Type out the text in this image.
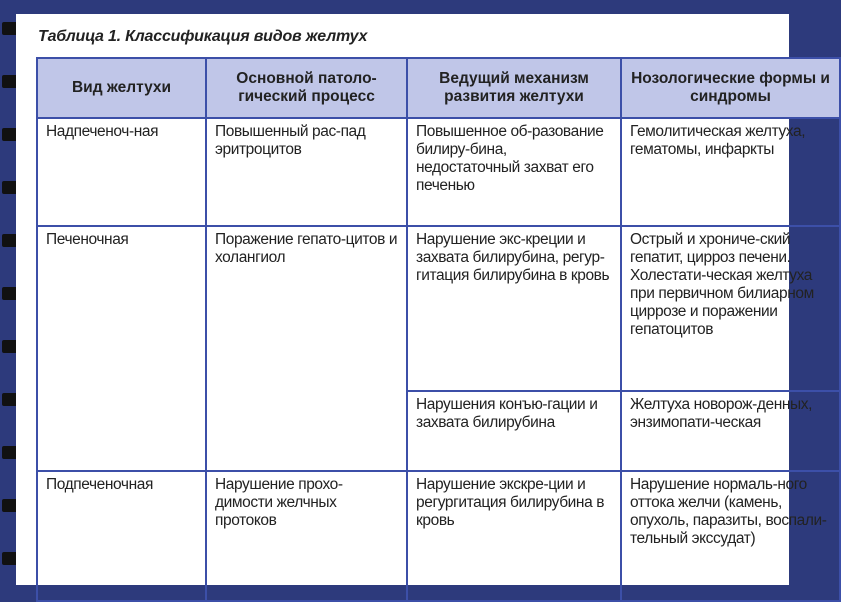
Таблица 1. Классификация видов желтух
Вид желтухи	Основной патоло-гический процесс	Ведущий механизм развития желтухи	Нозологические формы и синдромы
Надпеченоч-ная	Повышенный рас-пад эритроцитов	Повышенное об-разование билиру-бина, недостаточный захват его печенью	Гемолитическая желтуха, гематомы, инфаркты
Печеночная	Поражение гепато-цитов и холангиол	Нарушение экс-креции и захвата билирубина, регур-гитация билирубина в кровь	Острый и хрониче-ский гепатит, цирроз печени. Холестати-ческая желтуха при первичном билиарном циррозе и поражении гепатоцитов
		Нарушения конъю-гации и захвата билирубина	Желтуха новорож-денных, энзимопати-ческая
Подпеченочная	Нарушение прохо-димости желчных протоков	Нарушение экскре-ции и регургитация билирубина в кровь	Нарушение нормаль-ного оттока желчи (камень, опухоль, паразиты, воспали-тельный экссудат)
